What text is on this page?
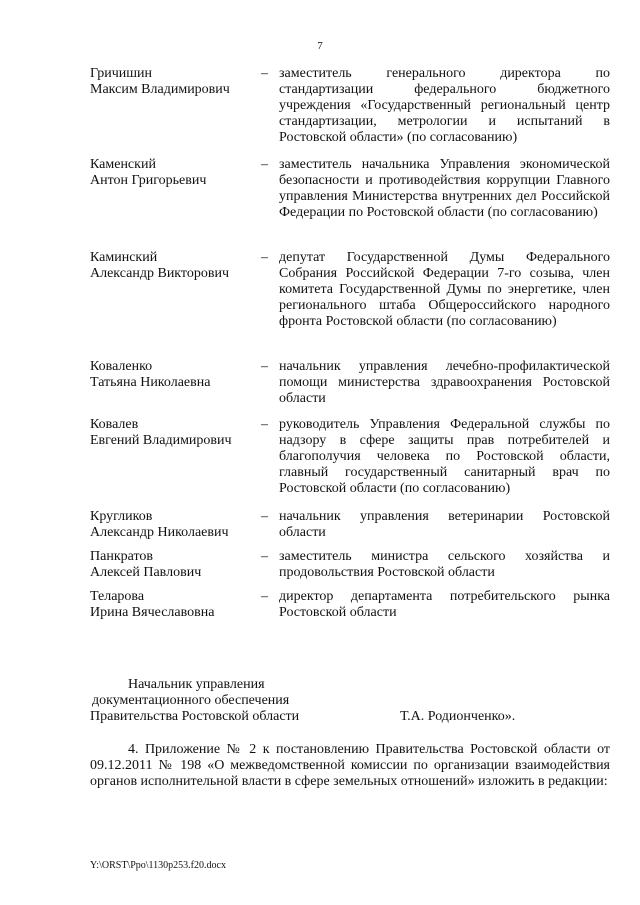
7
Гричишин
Максим Владимирович
– заместитель генерального директора по стандартизации федерального бюджетного учреждения «Государственный региональный центр стандартизации, метрологии и испытаний в Ростовской области» (по согласованию)
Каменский
Антон Григорьевич
– заместитель начальника Управления экономической безопасности и противодействия коррупции Главного управления Министерства внутренних дел Российской Федерации по Ростовской области (по согласованию)
Каминский
Александр Викторович
– депутат Государственной Думы Федерального Собрания Российской Федерации 7-го созыва, член комитета Государственной Думы по энергетике, член регионального штаба Общероссийского народного фронта Ростовской области (по согласованию)
Коваленко
Татьяна Николаевна
– начальник управления лечебно-профилактической помощи министерства здравоохранения Ростовской области
Ковалев
Евгений Владимирович
– руководитель Управления Федеральной службы по надзору в сфере защиты прав потребителей и благополучия человека по Ростовской области, главный государственный санитарный врач по Ростовской области (по согласованию)
Кругликов
Александр Николаевич
– начальник управления ветеринарии Ростовской области
Панкратов
Алексей Павлович
– заместитель министра сельского хозяйства и продовольствия Ростовской области
Теларова
Ирина Вячеславовна
– директор департамента потребительского рынка Ростовской области
Начальник управления
документационного обеспечения
Правительства Ростовской области	Т.А. Родионченко».
4. Приложение № 2 к постановлению Правительства Ростовской области от 09.12.2011 № 198 «О межведомственной комиссии по организации взаимодействия органов исполнительной власти в сфере земельных отношений» изложить в редакции:
Y:\ORST\Ppo\1130p253.f20.docx
